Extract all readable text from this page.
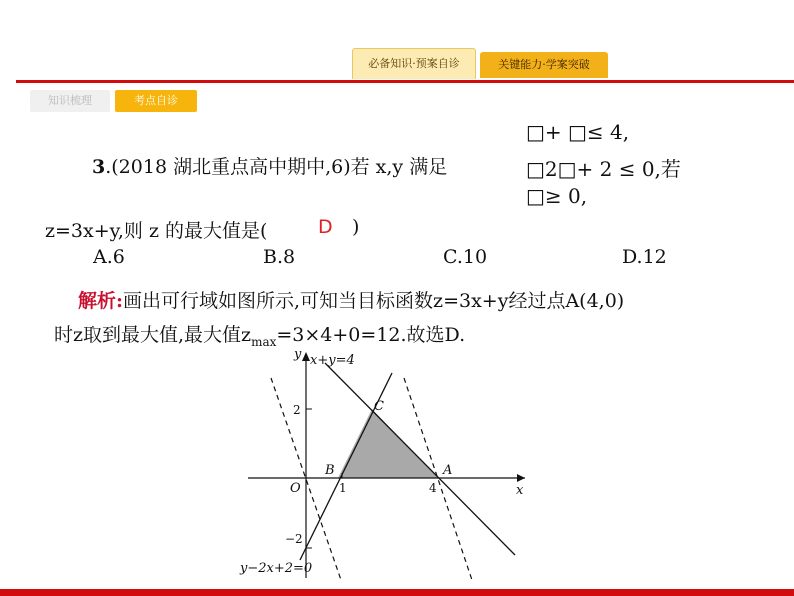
必备知识·预案自诊	关键能力·学案突破
知识梳理	考点自诊
3.(2018 湖北重点高中期中,6)若 x,y 满足
□+ □≤ 4,
□2□+ 2 ≤ 0,若
□≥ 0,
z=3x+y,则 z 的最大值是(	D )
A.6	B.8	C.10	D.12
解析:画出可行域如图所示,可知当目标函数z=3x+y经过点A(4,0)
时z取到最大值,最大值$z_{max}=3\times 4+0=12$.故选D.
y
x
O
B	A
C
x+y=4
y−2x+2=0
1	4
2
−2
